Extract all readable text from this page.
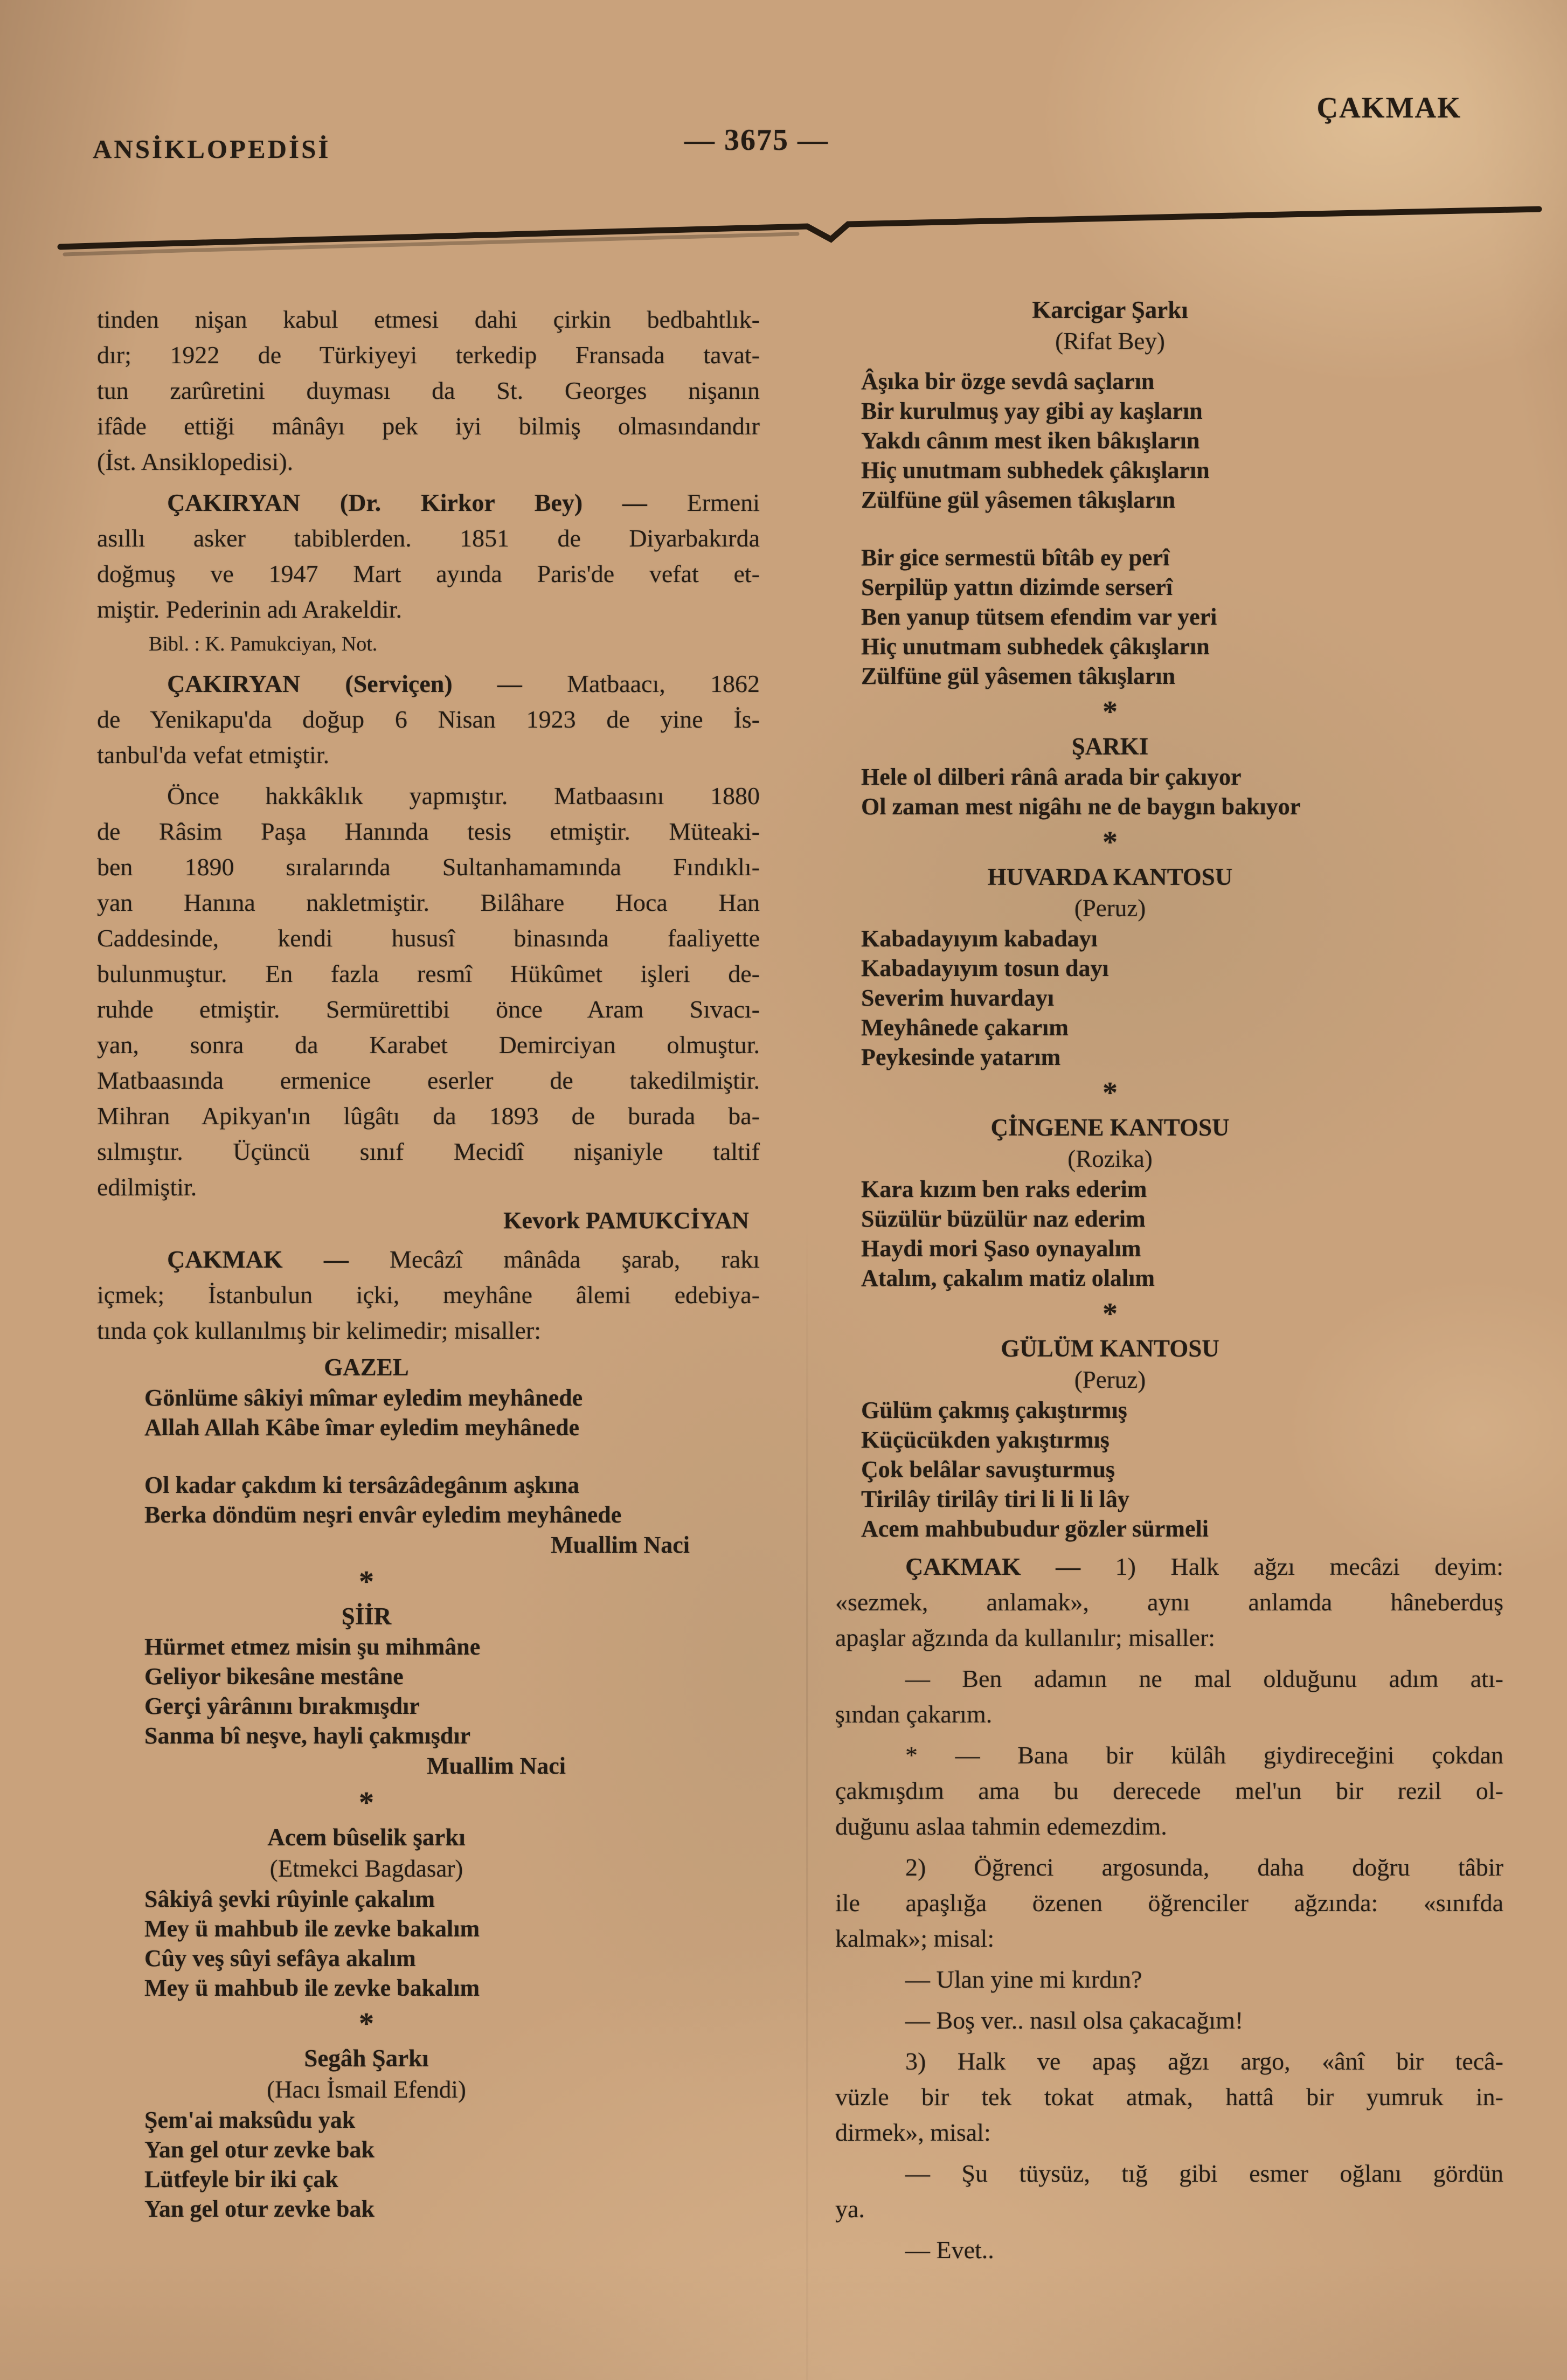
ANSİKLOPEDİSİ	— 3675 —
ÇAKMAK
tinden nişan kabul etmesi dahi çirkin bedbahtlık-
dır; 1922 de Türkiyeyi terkedip Fransada tavat-
tun zarûretini duyması da St. Georges nişanın
ifâde ettiği mânâyı pek iyi bilmiş olmasındandır
(İst. Ansiklopedisi).
ÇAKIRYAN (Dr. Kirkor Bey) — Ermeni
asıllı asker tabiblerden. 1851 de Diyarbakırda
doğmuş ve 1947 Mart ayında Paris'de vefat et-
miştir. Pederinin adı Arakeldir.
Bibl. : K. Pamukciyan, Not.
ÇAKIRYAN (Serviçen) — Matbaacı, 1862
de Yenikapu'da doğup 6 Nisan 1923 de yine İs-
tanbul'da vefat etmiştir.
Önce hakkâklık yapmıştır. Matbaasını 1880
de Râsim Paşa Hanında tesis etmiştir. Müteaki-
ben 1890 sıralarında Sultanhamamında Fındıklı-
yan Hanına nakletmiştir. Bilâhare Hoca Han
Caddesinde, kendi hususî binasında faaliyette
bulunmuştur. En fazla resmî Hükûmet işleri de-
ruhde etmiştir. Sermürettibi önce Aram Sıvacı-
yan, sonra da Karabet Demirciyan olmuştur.
Matbaasında ermenice eserler de takedilmiştir.
Mihran Apikyan'ın lûgâtı da 1893 de burada ba-
sılmıştır. Üçüncü sınıf Mecidî nişaniyle taltif
edilmiştir.
Kevork PAMUKCİYAN
ÇAKMAK — Mecâzî mânâda şarab, rakı
içmek; İstanbulun içki, meyhâne âlemi edebiya-
tında çok kullanılmış bir kelimedir; misaller:
GAZEL
Gönlüme sâkiyi mîmar eyledim meyhânede
Allah Allah Kâbe îmar eyledim meyhânede
Ol kadar çakdım ki tersâzâdegânım aşkına
Berka döndüm neşri envâr eyledim meyhânede
Muallim Naci
*
ŞİİR
Hürmet etmez misin şu mihmâne
Geliyor bikesâne mestâne
Gerçi yârânını bırakmışdır
Sanma bî neşve, hayli çakmışdır
Muallim Naci
*
Acem bûselik şarkı
(Etmekci Bagdasar)
Sâkiyâ şevki rûyinle çakalım
Mey ü mahbub ile zevke bakalım
Cûy veş sûyi sefâya akalım
Mey ü mahbub ile zevke bakalım
*
Segâh Şarkı
(Hacı İsmail Efendi)
Şem'ai maksûdu yak
Yan gel otur zevke bak
Lütfeyle bir iki çak
Yan gel otur zevke bak
Karcigar Şarkı
(Rifat Bey)
Âşıka bir özge sevdâ saçların
Bir kurulmuş yay gibi ay kaşların
Yakdı cânım mest iken bâkışların
Hiç unutmam subhedek çâkışların
Zülfüne gül yâsemen tâkışların
Bir gice sermestü bîtâb ey perî
Serpilüp yattın dizimde serserî
Ben yanup tütsem efendim var yeri
Hiç unutmam subhedek çâkışların
Zülfüne gül yâsemen tâkışların
*
ŞARKI
Hele ol dilberi rânâ arada bir çakıyor
Ol zaman mest nigâhı ne de baygın bakıyor
*
HUVARDA KANTOSU
(Peruz)
Kabadayıyım kabadayı
Kabadayıyım tosun dayı
Severim huvardayı
Meyhânede çakarım
Peykesinde yatarım
*
ÇİNGENE KANTOSU
(Rozika)
Kara kızım ben raks ederim
Süzülür büzülür naz ederim
Haydi mori Şaso oynayalım
Atalım, çakalım matiz olalım
*
GÜLÜM KANTOSU
(Peruz)
Gülüm çakmış çakıştırmış
Küçücükden yakıştırmış
Çok belâlar savuşturmuş
Tirilây tirilây tiri li li li lây
Acem mahbubudur gözler sürmeli
ÇAKMAK — 1) Halk ağzı mecâzi deyim:
«sezmek, anlamak», aynı anlamda hâneberduş
apaşlar ağzında da kullanılır; misaller:
— Ben adamın ne mal olduğunu adım atı-
şından çakarım.
* — Bana bir külâh giydireceğini çokdan
çakmışdım ama bu derecede mel'un bir rezil ol-
duğunu aslaa tahmin edemezdim.
2) Öğrenci argosunda, daha doğru tâbir
ile apaşlığa özenen öğrenciler ağzında: «sınıfda
kalmak»; misal:
— Ulan yine mi kırdın?
— Boş ver.. nasıl olsa çakacağım!
3) Halk ve apaş ağzı argo, «ânî bir tecâ-
vüzle bir tek tokat atmak, hattâ bir yumruk in-
dirmek», misal:
— Şu tüysüz, tığ gibi esmer oğlanı gördün
ya.
— Evet..
